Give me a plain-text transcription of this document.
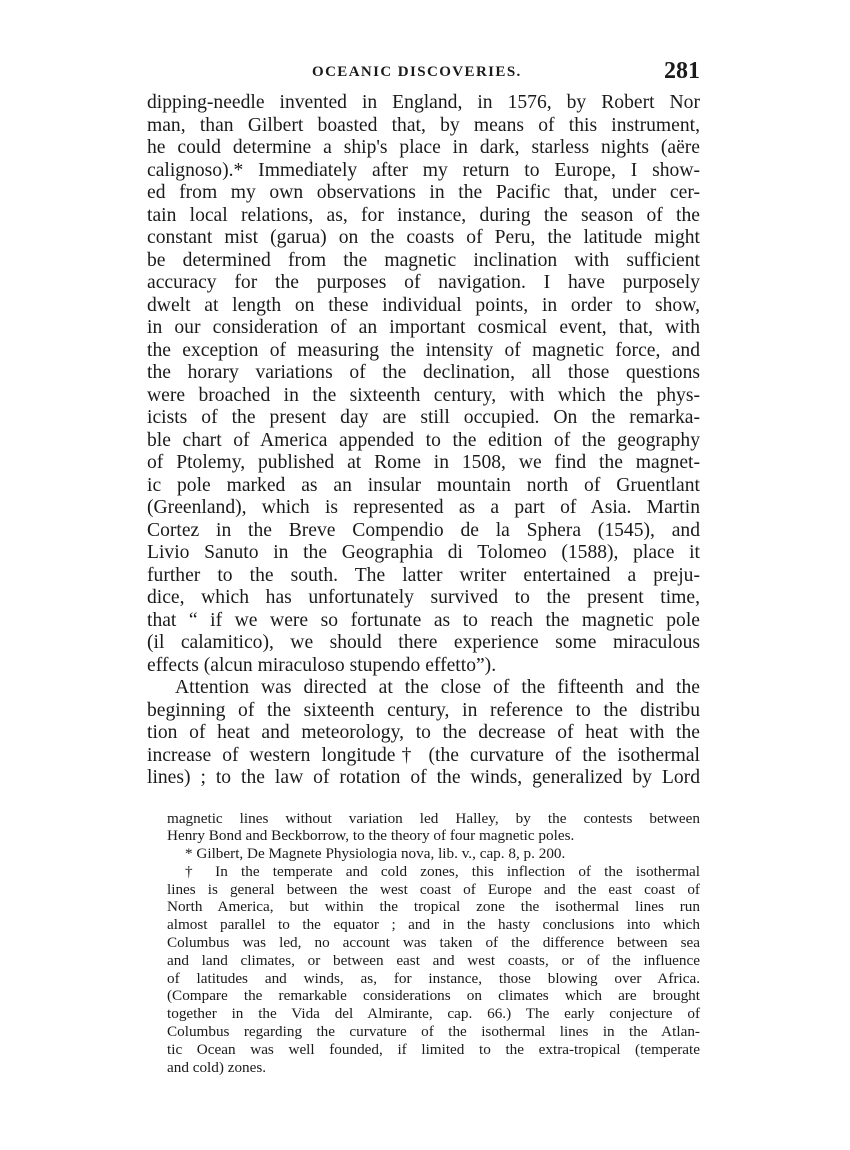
OCEANIC DISCOVERIES.	281
dipping-needle invented in England, in 1576, by Robert Nor
man, than Gilbert boasted that, by means of this instrument,
he could determine a ship's place in dark, starless nights (aëre
calignoso).* Immediately after my return to Europe, I show-
ed from my own observations in the Pacific that, under cer-
tain local relations, as, for instance, during the season of the
constant mist (garua) on the coasts of Peru, the latitude might
be determined from the magnetic inclination with sufficient
accuracy for the purposes of navigation. I have purposely
dwelt at length on these individual points, in order to show,
in our consideration of an important cosmical event, that, with
the exception of measuring the intensity of magnetic force, and
the horary variations of the declination, all those questions
were broached in the sixteenth century, with which the phys-
icists of the present day are still occupied. On the remarka-
ble chart of America appended to the edition of the geography
of Ptolemy, published at Rome in 1508, we find the magnet-
ic pole marked as an insular mountain north of Gruentlant
(Greenland), which is represented as a part of Asia. Martin
Cortez in the Breve Compendio de la Sphera (1545), and
Livio Sanuto in the Geographia di Tolomeo (1588), place it
further to the south. The latter writer entertained a preju-
dice, which has unfortunately survived to the present time,
that “ if we were so fortunate as to reach the magnetic pole
(il calamitico), we should there experience some miraculous
effects (alcun miraculoso stupendo effetto”).
Attention was directed at the close of the fifteenth and the
beginning of the sixteenth century, in reference to the distribu
tion of heat and meteorology, to the decrease of heat with the
increase of western longitude† (the curvature of the isothermal
lines) ; to the law of rotation of the winds, generalized by Lord
magnetic lines without variation led Halley, by the contests between
Henry Bond and Beckborrow, to the theory of four magnetic poles.
* Gilbert, De Magnete Physiologia nova, lib. v., cap. 8, p. 200.
† In the temperate and cold zones, this inflection of the isothermal
lines is general between the west coast of Europe and the east coast of
North America, but within the tropical zone the isothermal lines run
almost parallel to the equator ; and in the hasty conclusions into which
Columbus was led, no account was taken of the difference between sea
and land climates, or between east and west coasts, or of the influence
of latitudes and winds, as, for instance, those blowing over Africa.
(Compare the remarkable considerations on climates which are brought
together in the Vida del Almirante, cap. 66.) The early conjecture of
Columbus regarding the curvature of the isothermal lines in the Atlan-
tic Ocean was well founded, if limited to the extra-tropical (temperate
and cold) zones.
